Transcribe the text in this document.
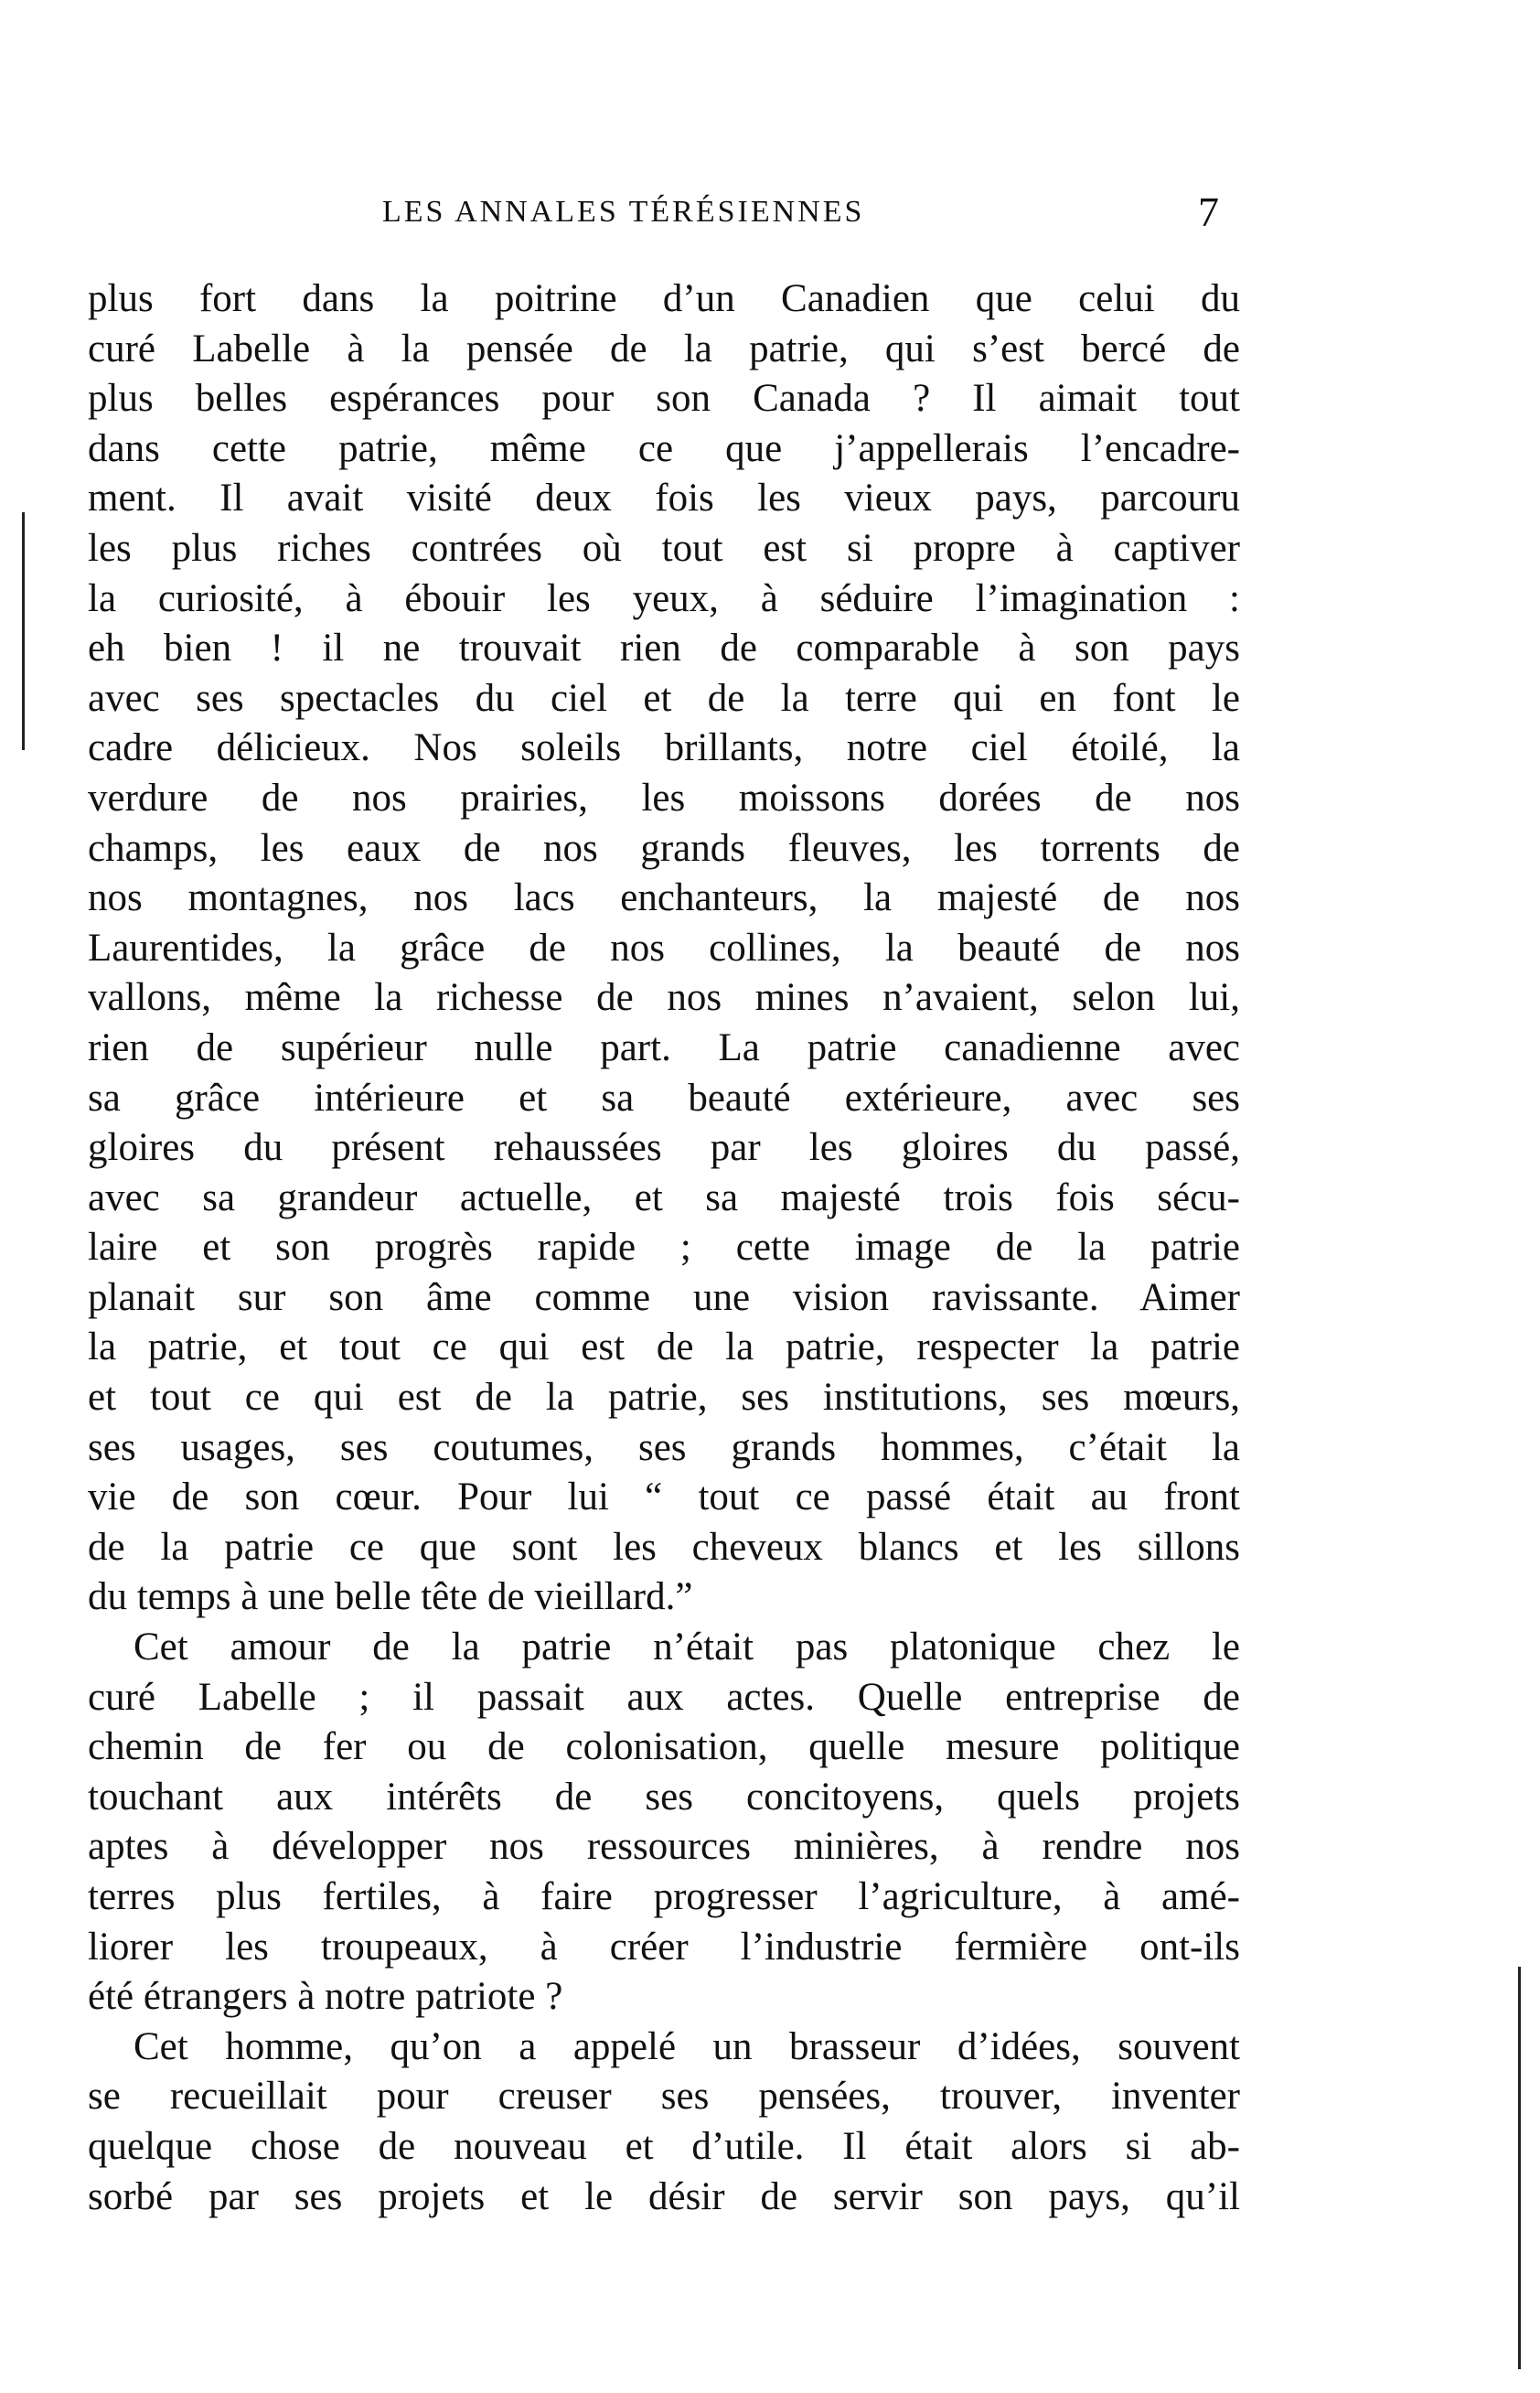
LES ANNALES TÉRÉSIENNES	7
plus fort dans la poitrine d’un Canadien que celui du
curé Labelle à la pensée de la patrie, qui s’est bercé de
plus belles espérances pour son Canada ? Il aimait tout
dans cette patrie, même ce que j’appellerais l’encadre-
ment. Il avait visité deux fois les vieux pays, parcouru
les plus riches contrées où tout est si propre à captiver
la curiosité, à ébouir les yeux, à séduire l’imagination :
eh bien ! il ne trouvait rien de comparable à son pays
avec ses spectacles du ciel et de la terre qui en font le
cadre délicieux. Nos soleils brillants, notre ciel étoilé, la
verdure de nos prairies, les moissons dorées de nos
champs, les eaux de nos grands fleuves, les torrents de
nos montagnes, nos lacs enchanteurs, la majesté de nos
Laurentides, la grâce de nos collines, la beauté de nos
vallons, même la richesse de nos mines n’avaient, selon lui,
rien de supérieur nulle part. La patrie canadienne avec
sa grâce intérieure et sa beauté extérieure, avec ses
gloires du présent rehaussées par les gloires du passé,
avec sa grandeur actuelle, et sa majesté trois fois sécu-
laire et son progrès rapide ; cette image de la patrie
planait sur son âme comme une vision ravissante. Aimer
la patrie, et tout ce qui est de la patrie, respecter la patrie
et tout ce qui est de la patrie, ses institutions, ses mœurs,
ses usages, ses coutumes, ses grands hommes, c’était la
vie de son cœur. Pour lui “ tout ce passé était au front
de la patrie ce que sont les cheveux blancs et les sillons
du temps à une belle tête de vieillard.”
Cet amour de la patrie n’était pas platonique chez le
curé Labelle ; il passait aux actes. Quelle entreprise de
chemin de fer ou de colonisation, quelle mesure politique
touchant aux intérêts de ses concitoyens, quels projets
aptes à développer nos ressources minières, à rendre nos
terres plus fertiles, à faire progresser l’agriculture, à amé-
liorer les troupeaux, à créer l’industrie fermière ont-ils
été étrangers à notre patriote ?
Cet homme, qu’on a appelé un brasseur d’idées, souvent
se recueillait pour creuser ses pensées, trouver, inventer
quelque chose de nouveau et d’utile. Il était alors si ab-
sorbé par ses projets et le désir de servir son pays, qu’il
